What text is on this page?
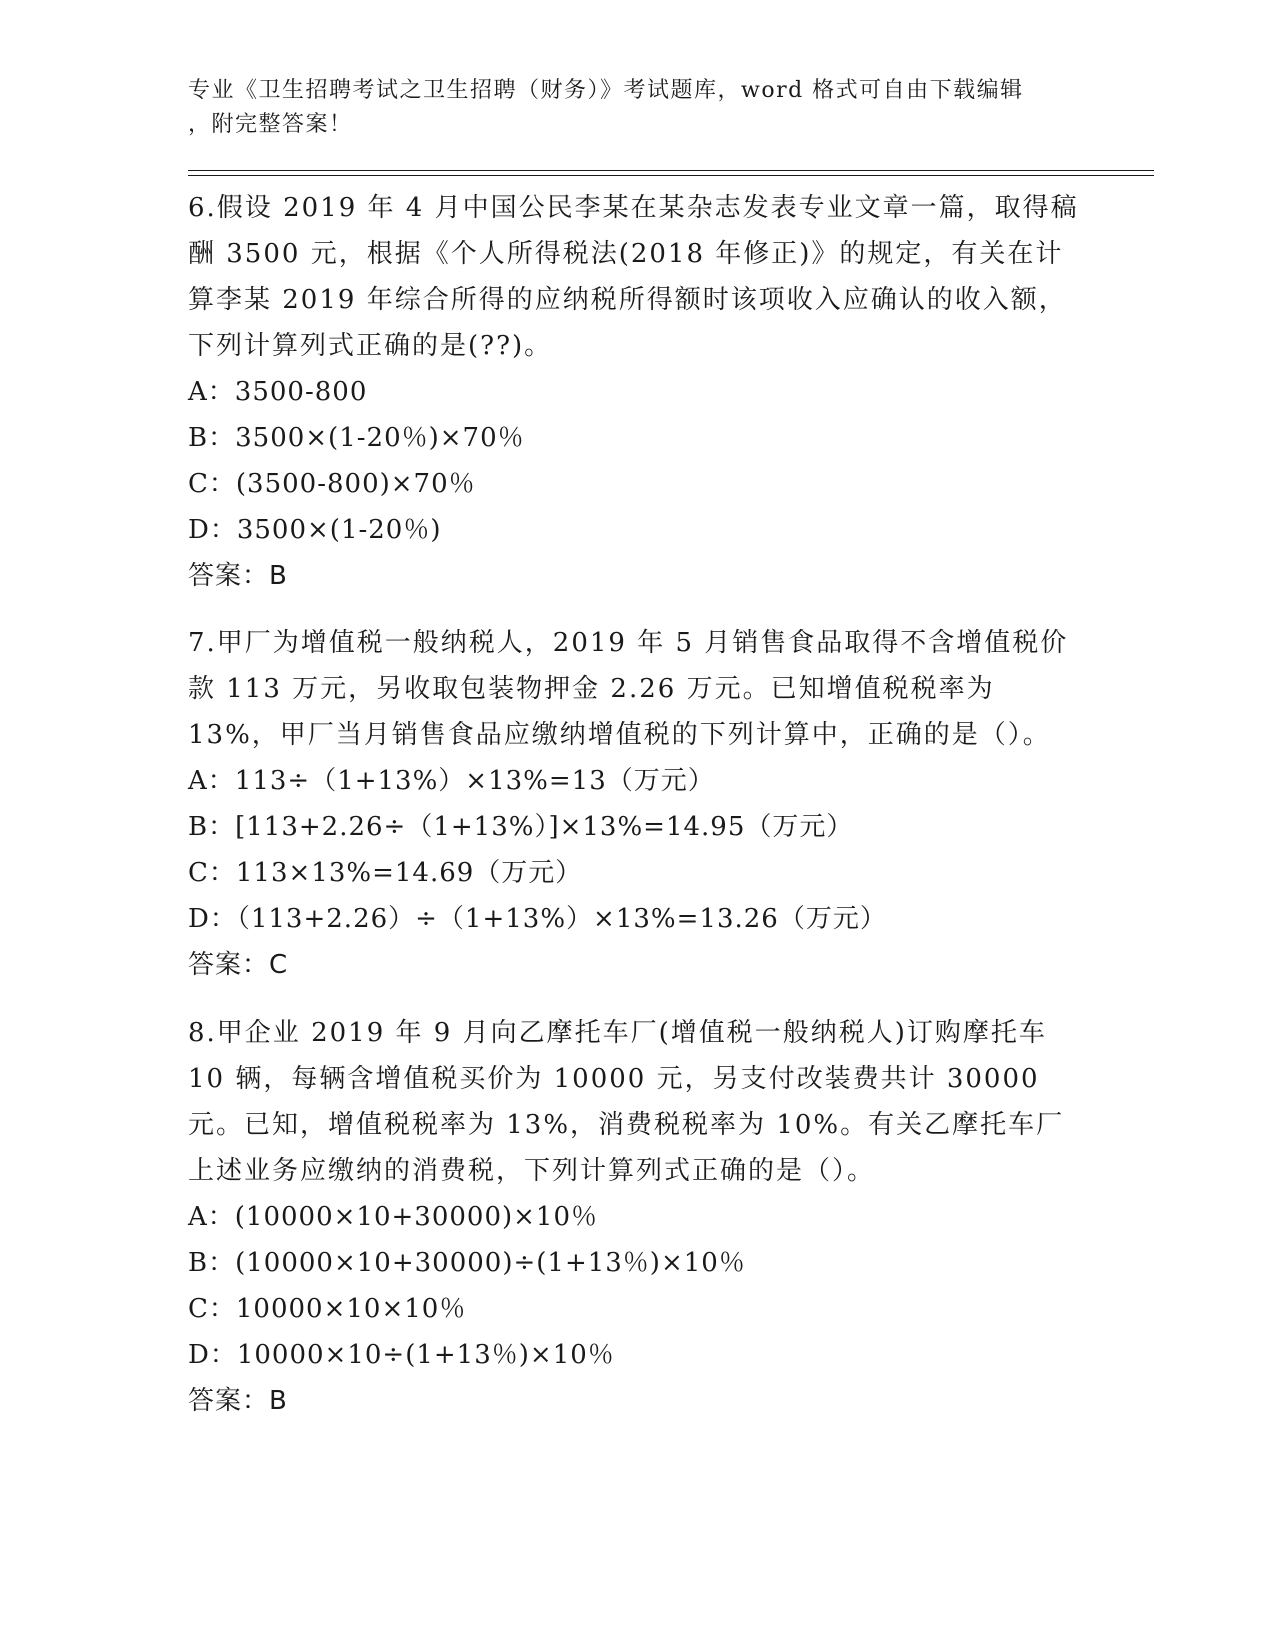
专业《卫生招聘考试之卫生招聘（财务）》考试题库，word 格式可自由下载编辑
，附完整答案！
6.假设 2019 年 4 月中国公民李某在某杂志发表专业文章一篇，取得稿酬 3500 元，根据《个人所得税法(2018 年修正)》的规定，有关在计算李某 2019 年综合所得的应纳税所得额时该项收入应确认的收入额，下列计算列式正确的是(??)。
A：3500-800
B：3500×(1-20％)×70％
C：(3500-800)×70％
D：3500×(1-20％)
答案：B
7.甲厂为增值税一般纳税人，2019 年 5 月销售食品取得不含增值税价款 113 万元，另收取包装物押金 2.26 万元。已知增值税税率为 13%，甲厂当月销售食品应缴纳增值税的下列计算中，正确的是（）。
A：113÷（1+13%）×13%=13（万元）
B：[113+2.26÷（1+13%）]×13%=14.95（万元）
C：113×13%=14.69（万元）
D：（113+2.26）÷（1+13%）×13%=13.26（万元）
答案：C
8.甲企业 2019 年 9 月向乙摩托车厂(增值税一般纳税人)订购摩托车 10 辆，每辆含增值税买价为 10000 元，另支付改装费共计 30000 元。已知，增值税税率为 13%，消费税税率为 10%。有关乙摩托车厂上述业务应缴纳的消费税，下列计算列式正确的是（）。
A：(10000×10+30000)×10％
B：(10000×10+30000)÷(1+13％)×10％
C：10000×10×10％
D：10000×10÷(1+13％)×10％
答案：B
